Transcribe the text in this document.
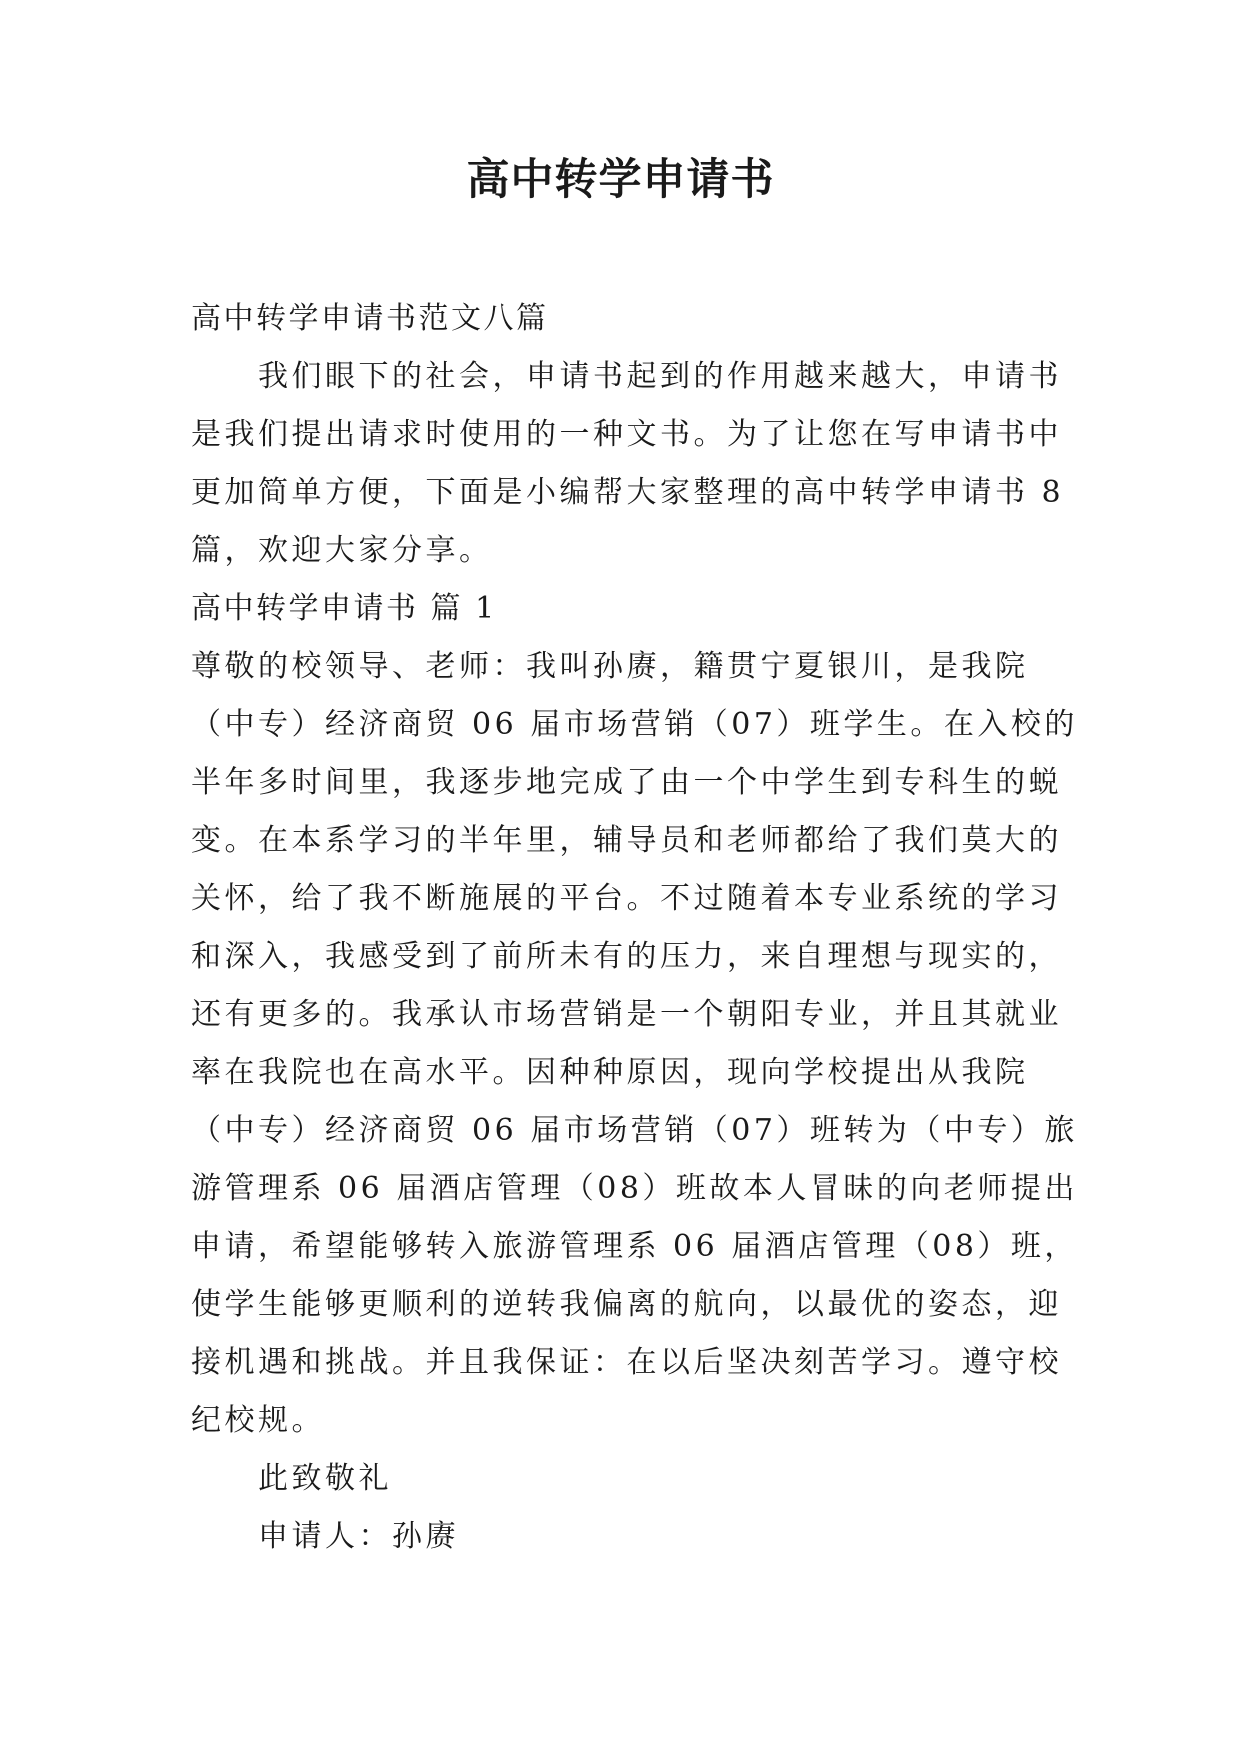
高中转学申请书
高中转学申请书范文八篇
我们眼下的社会，申请书起到的作用越来越大，申请书
是我们提出请求时使用的一种文书。为了让您在写申请书中
更加简单方便，下面是小编帮大家整理的高中转学申请书 8
篇，欢迎大家分享。
高中转学申请书 篇 1
尊敬的校领导、老师：我叫孙赓，籍贯宁夏银川，是我院
（中专）经济商贸 06 届市场营销（07）班学生。在入校的
半年多时间里，我逐步地完成了由一个中学生到专科生的蜕
变。在本系学习的半年里，辅导员和老师都给了我们莫大的
关怀，给了我不断施展的平台。不过随着本专业系统的学习
和深入，我感受到了前所未有的压力，来自理想与现实的，
还有更多的。我承认市场营销是一个朝阳专业，并且其就业
率在我院也在高水平。因种种原因，现向学校提出从我院
（中专）经济商贸 06 届市场营销（07）班转为（中专）旅
游管理系 06 届酒店管理（08）班故本人冒昧的向老师提出
申请，希望能够转入旅游管理系 06 届酒店管理（08）班，
使学生能够更顺利的逆转我偏离的航向，以最优的姿态，迎
接机遇和挑战。并且我保证：在以后坚决刻苦学习。遵守校
纪校规。
此致敬礼
申请人：孙赓
